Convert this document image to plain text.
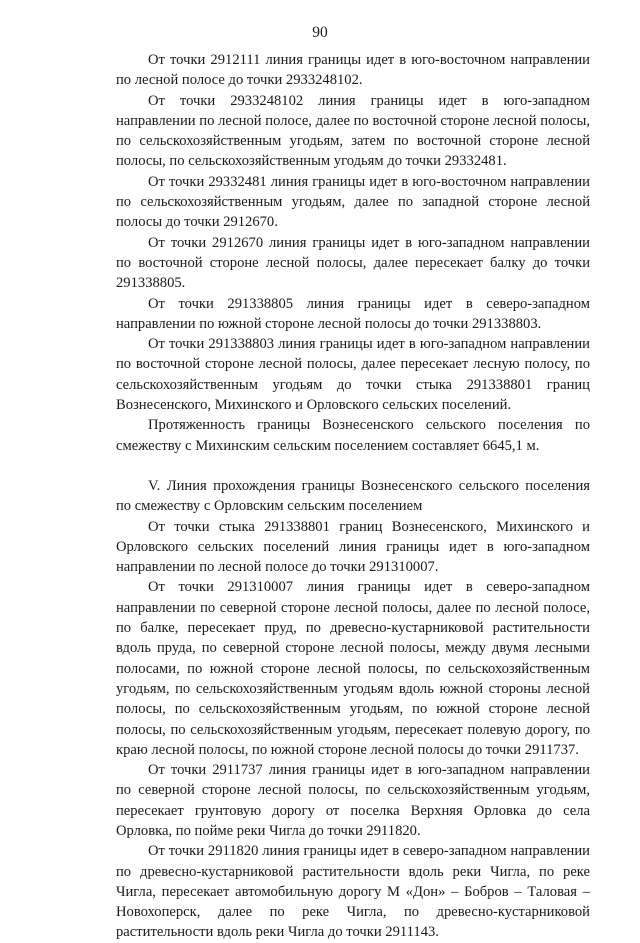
90

От точки 2912111 линия границы идет в юго-восточном направлении по лесной полосе до точки 2933248102.

От точки 2933248102 линия границы идет в юго-западном направлении по лесной полосе, далее по восточной стороне лесной полосы, по сельскохозяйственным угодьям, затем по восточной стороне лесной полосы, по сельскохозяйственным угодьям до точки 29332481.

От точки 29332481 линия границы идет в юго-восточном направлении по сельскохозяйственным угодьям, далее по западной стороне лесной полосы до точки 2912670.

От точки 2912670 линия границы идет в юго-западном направлении по восточной стороне лесной полосы, далее пересекает балку до точки 291338805.

От точки 291338805 линия границы идет в северо-западном направлении по южной стороне лесной полосы до точки 291338803.

От точки 291338803 линия границы идет в юго-западном направлении по восточной стороне лесной полосы, далее пересекает лесную полосу, по сельскохозяйственным угодьям до точки стыка 291338801 границ Вознесенского, Михинского и Орловского сельских поселений.

Протяженность границы Вознесенского сельского поселения по смежеству с Михинским сельским поселением составляет 6645,1 м.

V. Линия прохождения границы Вознесенского сельского поселения по смежеству с Орловским сельским поселением

От точки стыка 291338801 границ Вознесенского, Михинского и Орловского сельских поселений линия границы идет в юго-западном направлении по лесной полосе до точки 291310007.

От точки 291310007 линия границы идет в северо-западном направлении по северной стороне лесной полосы, далее по лесной полосе, по балке, пересекает пруд, по древесно-кустарниковой растительности вдоль пруда, по северной стороне лесной полосы, между двумя лесными полосами, по южной стороне лесной полосы, по сельскохозяйственным угодьям, по сельскохозяйственным угодьям вдоль южной стороны лесной полосы, по сельскохозяйственным угодьям, по южной стороне лесной полосы, по сельскохозяйственным угодьям, пересекает полевую дорогу, по краю лесной полосы, по южной стороне лесной полосы до точки 2911737.

От точки 2911737 линия границы идет в юго-западном направлении по северной стороне лесной полосы, по сельскохозяйственным угодьям, пересекает грунтовую дорогу от поселка Верхняя Орловка до села Орловка, по пойме реки Чигла до точки 2911820.

От точки 2911820 линия границы идет в северо-западном направлении по древесно-кустарниковой растительности вдоль реки Чигла, по реке Чигла, пересекает автомобильную дорогу М «Дон» – Бобров – Таловая – Новохоперск, далее по реке Чигла, по древесно-кустарниковой растительности вдоль реки Чигла до точки 2911143.
